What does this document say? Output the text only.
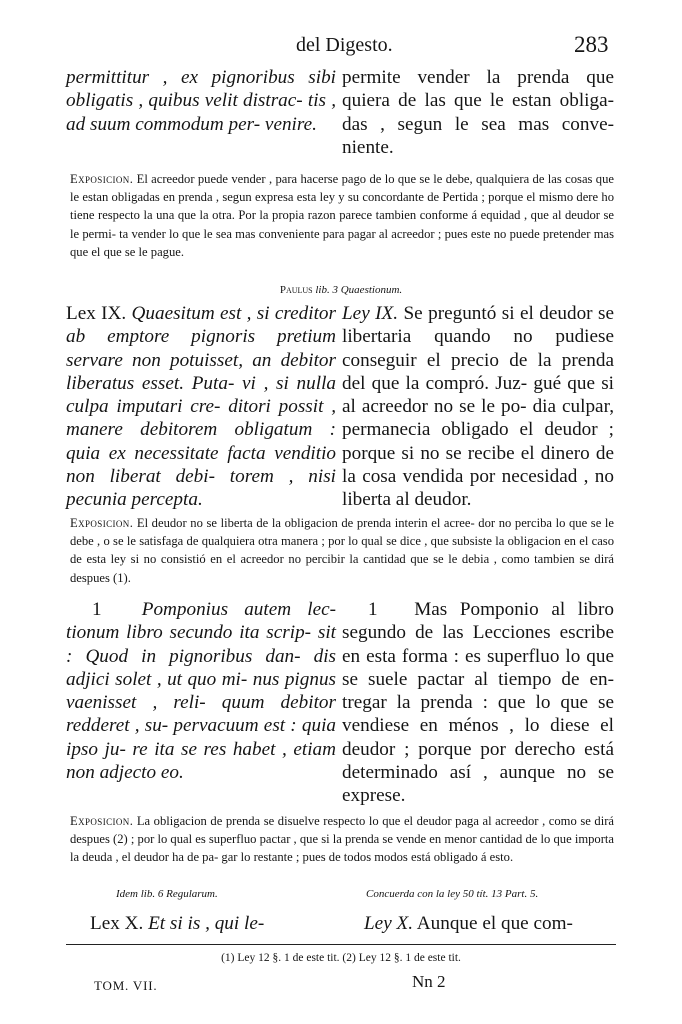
del Digesto.	283

permittitur , ex pignoribus sibi obligatis , quibus velit distrac- tis , ad suum commodum per- venire.

permite vender la prenda que quiera de las que le estan obliga- das , segun le sea mas conve- niente.

Exposicion. El acreedor puede vender , para hacerse pago de lo que se le debe, qualquiera de las cosas que le estan obligadas en prenda , segun expresa esta ley y su concordante de Pertida ; porque el mismo dere ho tiene respecto la una que la otra. Por la propia razon parece tambien conforme á equidad , que al deudor se le permi- ta vender lo que le sea mas conveniente para pagar al acreedor ; pues este no puede pretender mas que el que se le pague.
Paulus lib. 3 Quaestionum.

Lex IX. Quaesitum est , si creditor ab emptore pignoris pretium servare non potuisset, an debitor liberatus esset. Puta- vi , si nulla culpa imputari cre- ditori possit , manere debitorem obligatum : quia ex necessitate facta venditio non liberat debi- torem , nisi pecunia percepta.

Ley IX. Se preguntó si el deudor se libertaria quando no pudiese conseguir el precio de la prenda del que la compró. Juz- gué que si al acreedor no se le po- dia culpar, permanecia obligado el deudor ; porque si no se recibe el dinero de la cosa vendida por necesidad , no liberta al deudor.

Exposicion. El deudor no se liberta de la obligacion de prenda interin el acree- dor no perciba lo que se le debe , o se le satisfaga de qualquiera otra manera ; por lo qual se dice , que subsiste la obligacion en el caso de esta ley si no consistió en el acreedor no percibir la cantidad que se le debia , como tambien se dirá despues (1).

1 Pomponius autem lec- tionum libro secundo ita scrip- sit : Quod in pignoribus dan- dis adjici solet , ut quo mi- nus pignus vaenisset , reli- quum debitor redderet , su- pervacuum est : quia ipso ju- re ita se res habet , etiam non adjecto eo.

1 Mas Pomponio al libro segundo de las Lecciones escribe en esta forma : es superfluo lo que se suele pactar al tiempo de en- tregar la prenda : que lo que se vendiese en ménos , lo diese el deudor ; porque por derecho está determinado así , aunque no se exprese.

Exposicion. La obligacion de prenda se disuelve respecto lo que el deudor paga al acreedor , como se dirá despues (2) ; por lo qual es superfluo pactar , que si la prenda se vende en menor cantidad de lo que importa la deuda , el deudor ha de pa- gar lo restante ; pues de todos modos está obligado á esto.
Idem lib. 6 Regularum.	Concuerda con la ley 50 tít. 13 Part. 5.

Lex X. Et si is , qui le-	Ley X. Aunque el que com-

(1) Ley 12 §. 1 de este tit. (2) Ley 12 §. 1 de este tit.
TOM. VII.	Nn 2
